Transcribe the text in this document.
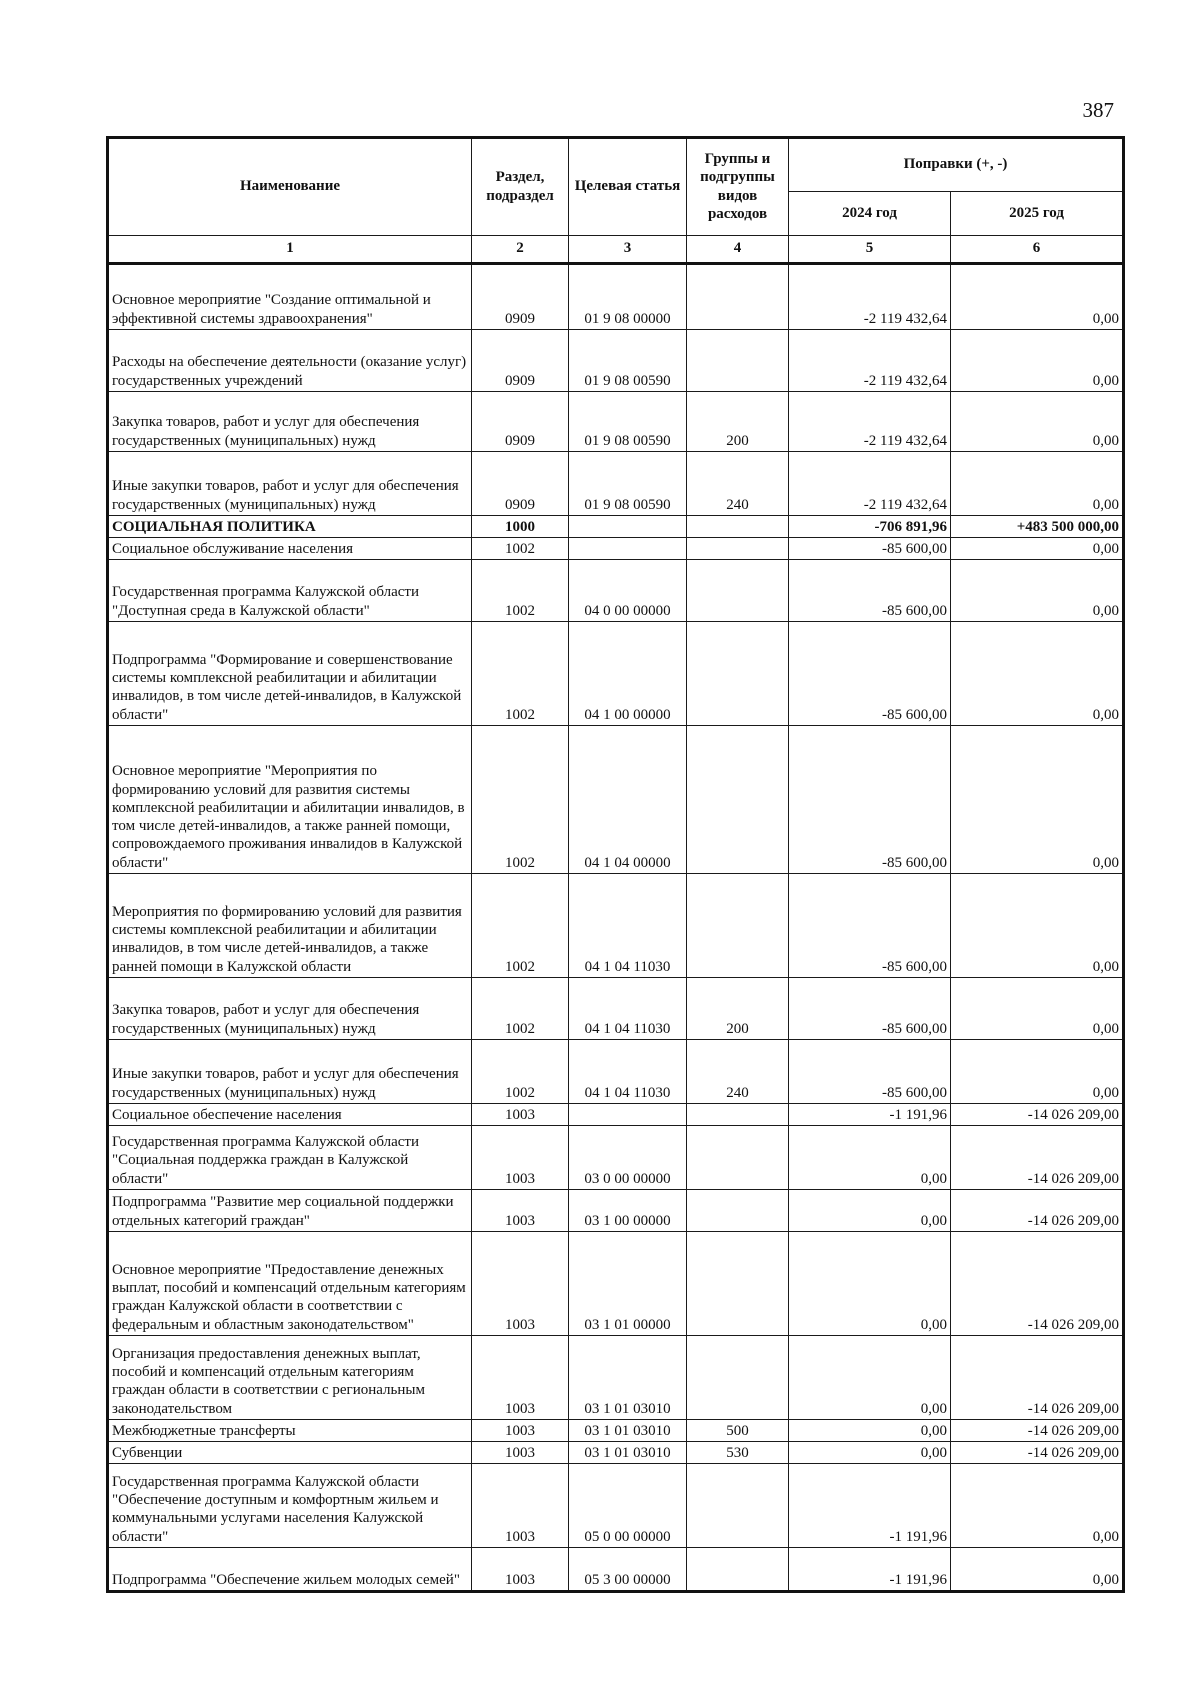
387
Наименование	Раздел, подраздел	Целевая статья	Группы и подгруппы видов расходов	Поправки (+, -)	
				2024 год	2025 год
1	2	3	4	5	6
Основное мероприятие "Создание оптимальной и эффективной системы здравоохранения"	0909	01 9 08 00000		-2 119 432,64	0,00
Расходы на обеспечение деятельности (оказание услуг) государственных учреждений	0909	01 9 08 00590		-2 119 432,64	0,00
Закупка товаров, работ и услуг для обеспечения государственных (муниципальных) нужд	0909	01 9 08 00590	200	-2 119 432,64	0,00
Иные закупки товаров, работ и услуг для обеспечения государственных (муниципальных) нужд	0909	01 9 08 00590	240	-2 119 432,64	0,00
СОЦИАЛЬНАЯ ПОЛИТИКА	1000			-706 891,96	+483 500 000,00
Социальное обслуживание населения	1002			-85 600,00	0,00
Государственная программа Калужской области "Доступная среда в Калужской области"	1002	04 0 00 00000		-85 600,00	0,00
Подпрограмма "Формирование и совершенствование системы комплексной реабилитации и абилитации инвалидов, в том числе детей-инвалидов, в Калужской области"	1002	04 1 00 00000		-85 600,00	0,00
Основное мероприятие "Мероприятия по формированию условий для развития системы комплексной реабилитации и абилитации инвалидов, в том числе детей-инвалидов, а также ранней помощи, сопровождаемого проживания инвалидов в Калужской области"	1002	04 1 04 00000		-85 600,00	0,00
Мероприятия по формированию условий для развития системы комплексной реабилитации и абилитации инвалидов, в том числе детей-инвалидов, а также ранней помощи в Калужской области	1002	04 1 04 11030		-85 600,00	0,00
Закупка товаров, работ и услуг для обеспечения государственных (муниципальных) нужд	1002	04 1 04 11030	200	-85 600,00	0,00
Иные закупки товаров, работ и услуг для обеспечения государственных (муниципальных) нужд	1002	04 1 04 11030	240	-85 600,00	0,00
Социальное обеспечение населения	1003			-1 191,96	-14 026 209,00
Государственная программа Калужской области "Социальная поддержка граждан в Калужской области"	1003	03 0 00 00000		0,00	-14 026 209,00
Подпрограмма "Развитие мер социальной поддержки отдельных категорий граждан"	1003	03 1 00 00000		0,00	-14 026 209,00
Основное мероприятие "Предоставление денежных выплат, пособий и компенсаций отдельным категориям граждан Калужской области в соответствии с федеральным и областным законодательством"	1003	03 1 01 00000		0,00	-14 026 209,00
Организация предоставления денежных выплат, пособий и компенсаций отдельным категориям граждан области в соответствии с региональным законодательством	1003	03 1 01 03010		0,00	-14 026 209,00
Межбюджетные трансферты	1003	03 1 01 03010	500	0,00	-14 026 209,00
Субвенции	1003	03 1 01 03010	530	0,00	-14 026 209,00
Государственная программа Калужской области "Обеспечение доступным и комфортным жильем и коммунальными услугами населения Калужской области"	1003	05 0 00 00000		-1 191,96	0,00
Подпрограмма "Обеспечение жильем молодых семей"	1003	05 3 00 00000		-1 191,96	0,00
